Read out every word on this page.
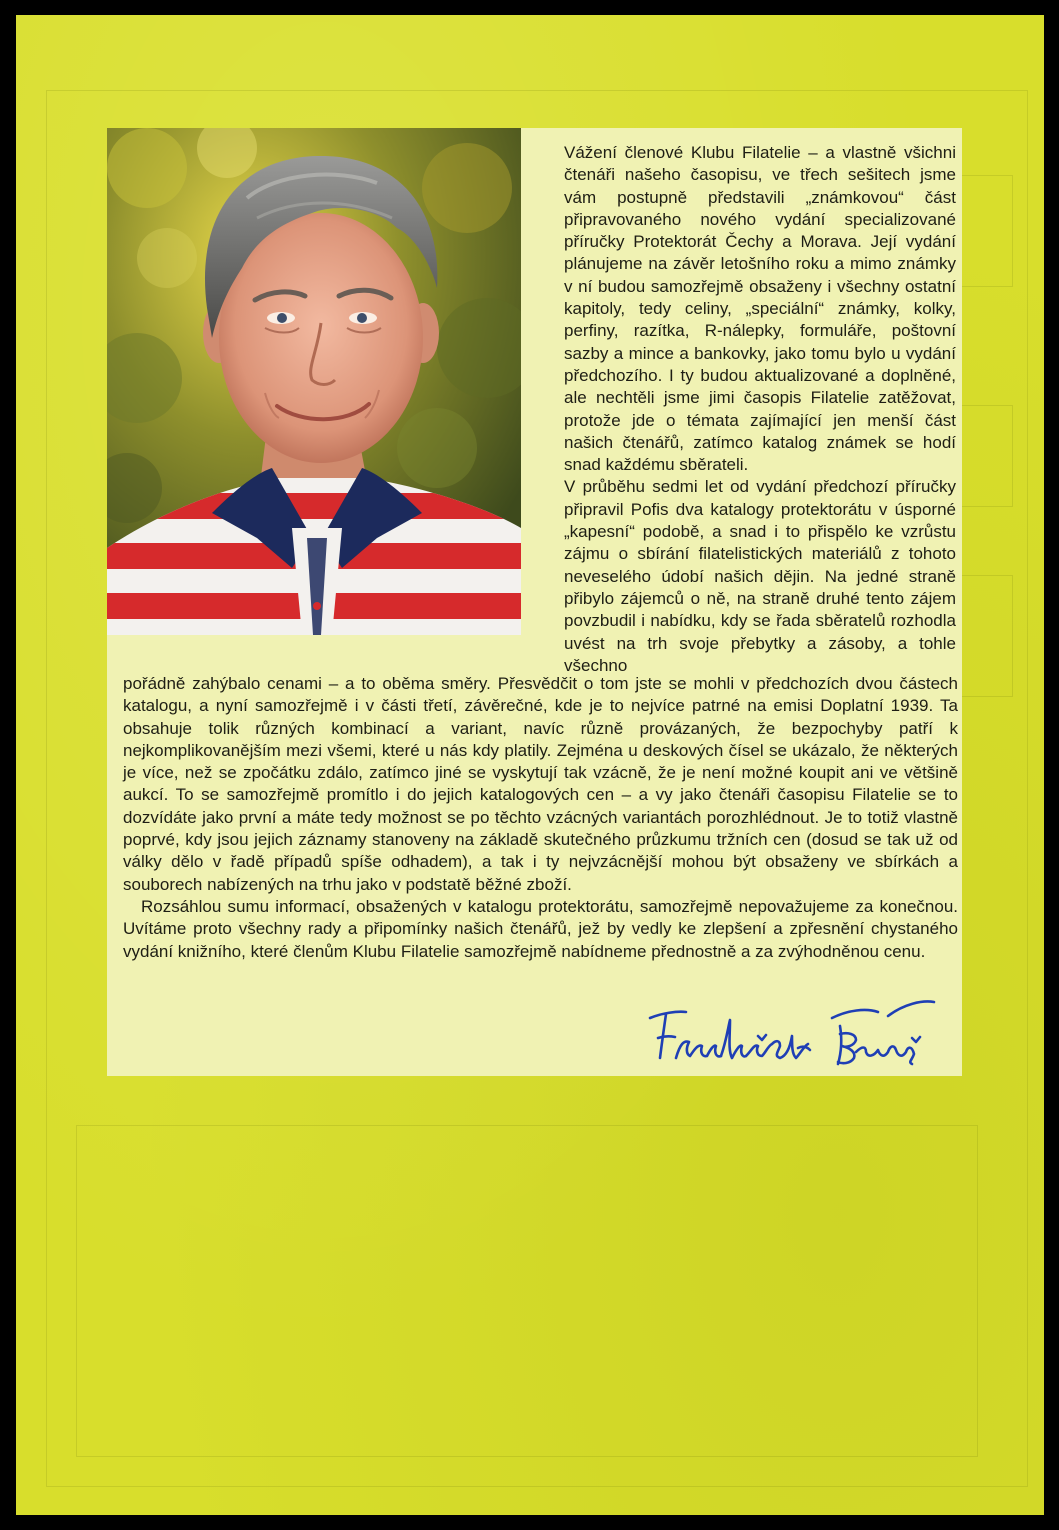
Vážení členové Klubu Filatelie – a vlastně všichni čtenáři našeho časopisu, ve třech sešitech jsme vám postupně představili „známkovou“ část připravovaného nového vydání specializované příručky Protektorát Čechy a Morava. Její vydání plánujeme na závěr letošního roku a mimo známky v ní budou samozřejmě obsaženy i všechny ostatní kapitoly, tedy celiny, „speciální“ známky, kolky, perfiny, razítka, R-nálepky, formuláře, poštovní sazby a mince a bankovky, jako tomu bylo u vydání předchozího. I ty budou aktualizované a doplněné, ale nechtěli jsme jimi časopis Filatelie zatěžovat, protože jde o témata zajímající jen menší část našich čtenářů, zatímco katalog známek se hodí snad každému sběrateli.

V průběhu sedmi let od vydání předchozí příručky připravil Pofis dva katalogy protektorátu v úsporné „kapesní“ podobě, a snad i to přispělo ke vzrůstu zájmu o sbírání filatelistických materiálů z tohoto neveselého údobí našich dějin. Na jedné straně přibylo zájemců o ně, na straně druhé tento zájem povzbudil i nabídku, kdy se řada sběratelů rozhodla uvést na trh svoje přebytky a zásoby, a tohle všechno

pořádně zahýbalo cenami – a to oběma směry. Přesvědčit o tom jste se mohli v předchozích dvou částech katalogu, a nyní samozřejmě i v části třetí, závěrečné, kde je to nejvíce patrné na emisi Doplatní 1939. Ta obsahuje tolik různých kombinací a variant, navíc různě provázaných, že bezpochyby patří k nejkomplikovanějším mezi všemi, které u nás kdy platily. Zejména u deskových čísel se ukázalo, že některých je více, než se zpočátku zdálo, zatímco jiné se vyskytují tak vzácně, že je není možné koupit ani ve většině aukcí. To se samozřejmě promítlo i do jejich katalogových cen – a vy jako čtenáři časopisu Filatelie se to dozvídáte jako první a máte tedy možnost se po těchto vzácných variantách porozhlédnout. Je to totiž vlastně poprvé, kdy jsou jejich záznamy stanoveny na základě skutečného průzkumu tržních cen (dosud se tak už od války dělo v řadě případů spíše odhadem), a tak i ty nejvzácnější mohou být obsaženy ve sbírkách a souborech nabízených na trhu jako v podstatě běžné zboží.

Rozsáhlou sumu informací, obsažených v katalogu protektorátu, samozřejmě nepovažujeme za konečnou. Uvítáme proto všechny rady a připomínky našich čtenářů, jež by vedly ke zlepšení a zpřesnění chystaného vydání knižního, které členům Klubu Filatelie samozřejmě nabídneme přednostně a za zvýhodněnou cenu.
